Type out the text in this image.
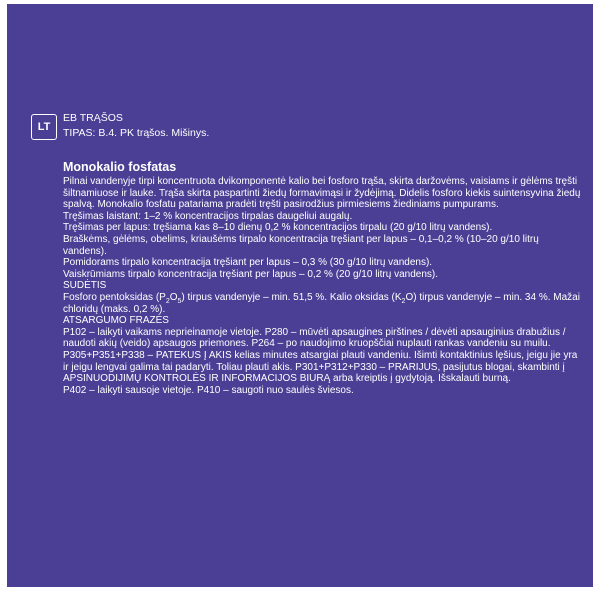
LT
EB TRĄŠOS
TIPAS: B.4. PK trąšos. Mišinys.

Monokalio fosfatas

Pilnai vandenyje tirpi koncentruota dvikomponentė kalio bei fosforo trąša, skirta daržovėms, vaisiams ir gėlėms tręšti šiltnamiuose ir lauke. Trąša skirta paspartinti žiedų formavimąsi ir žydėjimą. Didelis fosforo kiekis suintensyvina žiedų spalvą. Monokalio fosfatu patariama pradėti tręšti pasirodžius pirmiesiems žiediniams pumpurams.

Tręšimas laistant: 1–2 % koncentracijos tirpalas daugeliui augalų.

Tręšimas per lapus: tręšiama kas 8–10 dienų 0,2 % koncentracijos tirpalu (20 g/10 litrų vandens).

Braškėms, gėlėms, obelims, kriaušėms tirpalo koncentracija tręšiant per lapus – 0,1–0,2 % (10–20 g/10 litrų vandens).

Pomidorams tirpalo koncentracija tręšiant per lapus – 0,3 % (30 g/10 litrų vandens).

Vaiskrūmiams tirpalo koncentracija tręšiant per lapus – 0,2 % (20 g/10 litrų vandens).

SUDĖTIS

Fosforo pentoksidas $(P_2O_5)$ tirpus vandenyje – min. 51,5 %. Kalio oksidas $(K_2O)$ tirpus vandenyje – min. 34 %. Mažai chloridų (maks. 0,2 %).

ATSARGUMO FRAZĖS

P102 – laikyti vaikams neprieinamoje vietoje. P280 – mūvėti apsaugines pirštines / dėvėti apsauginius drabužius / naudoti akių (veido) apsaugos priemones. P264 – po naudojimo kruopščiai nuplauti rankas vandeniu su muilu. P305+P351+P338 – PATEKUS Į AKIS kelias minutes atsargiai plauti vandeniu. Išimti kontaktinius lęšius, jeigu jie yra ir jeigu lengvai galima tai padaryti. Toliau plauti akis. P301+P312+P330 – PRARIJUS, pasijutus blogai, skambinti į APSINUODIJIMŲ KONTROLĖS IR INFORMACIJOS BIURĄ arba kreiptis į gydytoją. Išskalauti burną.

P402 – laikyti sausoje vietoje. P410 – saugoti nuo saulės šviesos.
